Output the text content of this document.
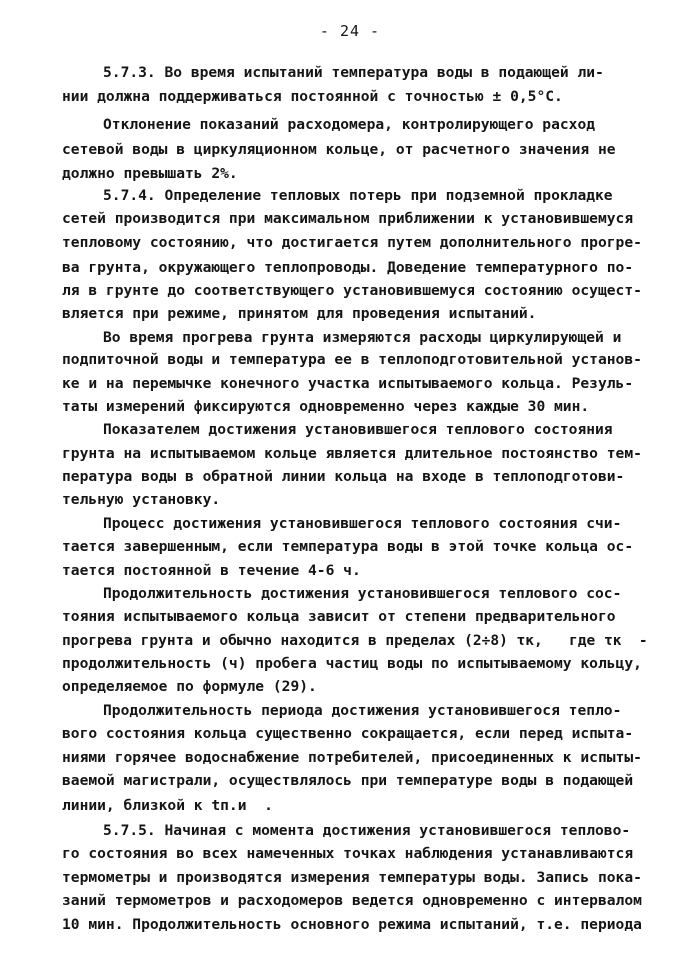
- 24 -
5.7.3. Во время испытаний температура воды в подающей ли-
нии должна поддерживаться постоянной с точностью ± 0,5°С.
Отклонение показаний расходомера, контролирующего расход
сетевой воды в циркуляционном кольце, от расчетного значения не
должно превышать 2%.
5.7.4. Определение тепловых потерь при подземной прокладке
сетей производится при максимальном приближении к установившемуся
тепловому состоянию, что достигается путем дополнительного прогре-
ва грунта, окружающего теплопроводы. Доведение температурного по-
ля в грунте до соответствующего установившемуся состоянию осущест-
вляется при режиме, принятом для проведения испытаний.
Во время прогрева грунта измеряются расходы циркулирующей и
подпиточной воды и температура ее в теплоподготовительной установ-
ке и на перемычке конечного участка испытываемого кольца. Резуль-
таты измерений фиксируются одновременно через каждые 30 мин.
Показателем достижения установившегося теплового состояния
грунта на испытываемом кольце является длительное постоянство тем-
пература воды в обратной линии кольца на входе в теплоподготови-
тельную установку.
Процесс достижения установившегося теплового состояния счи-
тается завершенным, если температура воды в этой точке кольца ос-
тается постоянной в течение 4-6 ч.
Продолжительность достижения установившегося теплового сос-
тояния испытываемого кольца зависит от степени предварительного
прогрева грунта и обычно находится в пределах (2÷8) τк,   где τк  -
продолжительность (ч) пробега частиц воды по испытываемому кольцу,
определяемое по формуле (29).
Продолжительность периода достижения установившегося тепло-
вого состояния кольца существенно сокращается, если перед испыта-
ниями горячее водоснабжение потребителей, присоединенных к испыты-
ваемой магистрали, осуществлялось при температуре воды в подающей
линии, близкой к tп.и  .
5.7.5. Начиная с момента достижения установившегося теплово-
го состояния во всех намеченных точках наблюдения устанавливаются
термометры и производятся измерения температуры воды. Запись пока-
заний термометров и расходомеров ведется одновременно с интервалом
10 мин. Продолжительность основного режима испытаний, т.е. периода
